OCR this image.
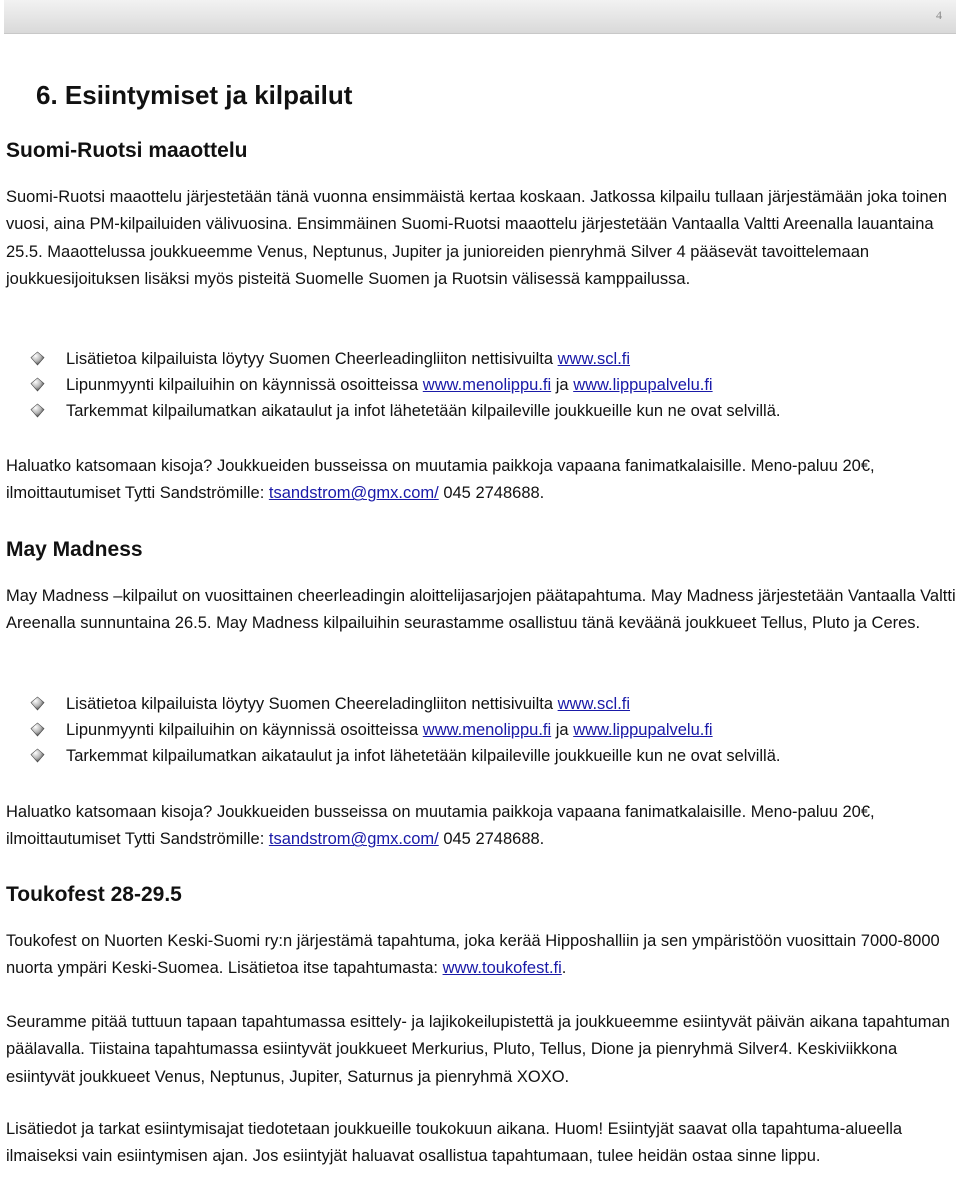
4
6. Esiintymiset ja kilpailut
Suomi-Ruotsi maaottelu

Suomi-Ruotsi maaottelu järjestetään tänä vuonna ensimmäistä kertaa koskaan. Jatkossa kilpailu tullaan järjestämään joka toinen vuosi, aina PM-kilpailuiden välivuosina. Ensimmäinen Suomi-Ruotsi maaottelu järjestetään Vantaalla Valtti Areenalla lauantaina 25.5. Maaottelussa joukkueemme Venus, Neptunus, Jupiter ja junioreiden pienryhmä Silver 4 pääsevät tavoittelemaan joukkuesijoituksen lisäksi myös pisteitä Suomelle Suomen ja Ruotsin välisessä kamppailussa.

Lisätietoa kilpailuista löytyy Suomen Cheerleadingliiton nettisivuilta www.scl.fi
Lipunmyynti kilpailuihin on käynnissä osoitteissa www.menolippu.fi ja www.lippupalvelu.fi
Tarkemmat kilpailumatkan aikataulut ja infot lähetetään kilpaileville joukkueille kun ne ovat selvillä.

Haluatko katsomaan kisoja? Joukkueiden busseissa on muutamia paikkoja vapaana fanimatkalaisille. Meno-paluu 20€, ilmoittautumiset Tytti Sandströmille: tsandstrom@gmx.com/ 045 2748688.

May Madness

May Madness –kilpailut on vuosittainen cheerleadingin aloittelijasarjojen päätapahtuma. May Madness järjestetään Vantaalla Valtti Areenalla sunnuntaina 26.5. May Madness kilpailuihin seurastamme osallistuu tänä keväänä joukkueet Tellus, Pluto ja Ceres.

Lisätietoa kilpailuista löytyy Suomen Cheereladingliiton nettisivuilta www.scl.fi
Lipunmyynti kilpailuihin on käynnissä osoitteissa www.menolippu.fi ja www.lippupalvelu.fi
Tarkemmat kilpailumatkan aikataulut ja infot lähetetään kilpaileville joukkueille kun ne ovat selvillä.

Haluatko katsomaan kisoja? Joukkueiden busseissa on muutamia paikkoja vapaana fanimatkalaisille. Meno-paluu 20€, ilmoittautumiset Tytti Sandströmille: tsandstrom@gmx.com/ 045 2748688.

Toukofest 28-29.5

Toukofest on Nuorten Keski-Suomi ry:n järjestämä tapahtuma, joka kerää Hipposhalliin ja sen ympäristöön vuosittain 7000-8000 nuorta ympäri Keski-Suomea. Lisätietoa itse tapahtumasta: www.toukofest.fi.

Seuramme pitää tuttuun tapaan tapahtumassa esittely- ja lajikokeilupistettä ja joukkueemme esiintyvät päivän aikana tapahtuman päälavalla. Tiistaina tapahtumassa esiintyvät joukkueet Merkurius, Pluto, Tellus, Dione ja pienryhmä Silver4. Keskiviikkona esiintyvät joukkueet Venus, Neptunus, Jupiter, Saturnus ja pienryhmä XOXO.

Lisätiedot ja tarkat esiintymisajat tiedotetaan joukkueille toukokuun aikana. Huom! Esiintyjät saavat olla tapahtuma-alueella ilmaiseksi vain esiintymisen ajan. Jos esiintyjät haluavat osallistua tapahtumaan, tulee heidän ostaa sinne lippu.
